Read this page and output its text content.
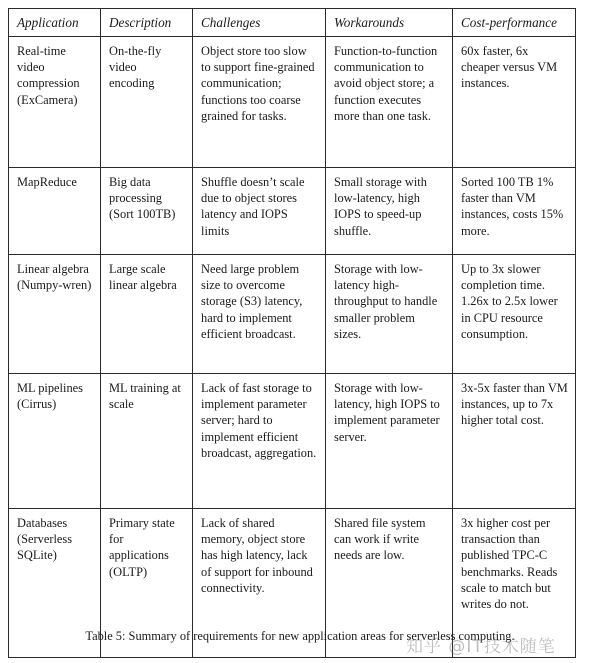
Application	Description	Challenges	Workarounds	Cost-performance

Real-time video compression (ExCamera)	On-the-fly video encoding	Object store too slow to support fine-grained communication; functions too coarse grained for tasks.	Function-to-function communication to avoid object store; a function executes more than one task.	60x faster, 6x cheaper versus VM instances.

MapReduce	Big data processing (Sort 100TB)	Shuffle doesn’t scale due to object stores latency and IOPS limits	Small storage with low-latency, high IOPS to speed-up shuffle.	Sorted 100 TB 1% faster than VM instances, costs 15% more.

Linear algebra (Numpy-wren)	Large scale linear algebra	Need large problem size to overcome storage (S3) latency, hard to implement efficient broadcast.	Storage with low-latency high-throughput to handle smaller problem sizes.	Up to 3x slower completion time. 1.26x to 2.5x lower in CPU resource consumption.

ML pipelines (Cirrus)	ML training at scale	Lack of fast storage to implement parameter server; hard to implement efficient broadcast, aggregation.	Storage with low-latency, high IOPS to implement parameter server.	3x-5x faster than VM instances, up to 7x higher total cost.

Databases (Serverless SQLite)	Primary state for applications (OLTP)	Lack of shared memory, object store has high latency, lack of support for inbound connectivity.	Shared file system can work if write needs are low.	3x higher cost per transaction than published TPC-C benchmarks. Reads scale to match but writes do not.
Table 5: Summary of requirements for new application areas for serverless computing.
知乎 @IT技术随笔
